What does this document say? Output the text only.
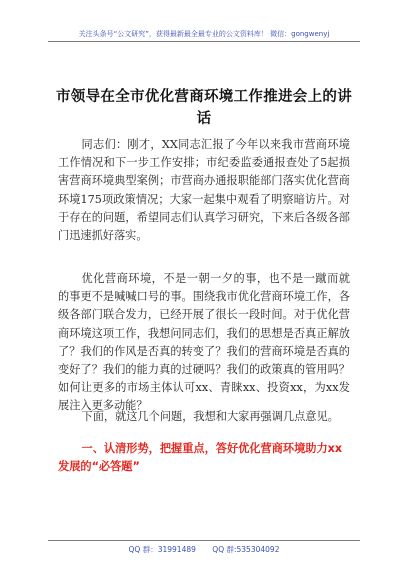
关注头条号“公文研究”，获得最新最全最专业的公文资料库！ 微信：gongwenyj
市领导在全市优化营商环境工作推进会上的讲话

同志们：刚才，XX同志汇报了今年以来我市营商环境工作情况和下一步工作安排；市纪委监委通报查处了5起损害营商环境典型案例；市营商办通报职能部门落实优化营商环境175项政策情况；大家一起集中观看了明察暗访片。对于存在的问题，希望同志们认真学习研究，下来后各级各部门迅速抓好落实。

优化营商环境，不是一朝一夕的事，也不是一蹴而就的事更不是喊喊口号的事。围绕我市优化营商环境工作，各级各部门联合发力，已经开展了很长一段时间。对于优化营商环境这项工作，我想问同志们，我们的思想是否真正解放了？我们的作风是否真的转变了？我们的营商环境是否真的变好了？我们的能力真的过硬吗？我们的政策真的管用吗？如何让更多的市场主体认可xx、青睐xx、投资xx，为xx发展注入更多动能？

下面，就这几个问题，我想和大家再强调几点意见。

一、认清形势，把握重点，答好优化营商环境助力xx发展的“必答题”

QQ 群：31991489 QQ 群:535304092
